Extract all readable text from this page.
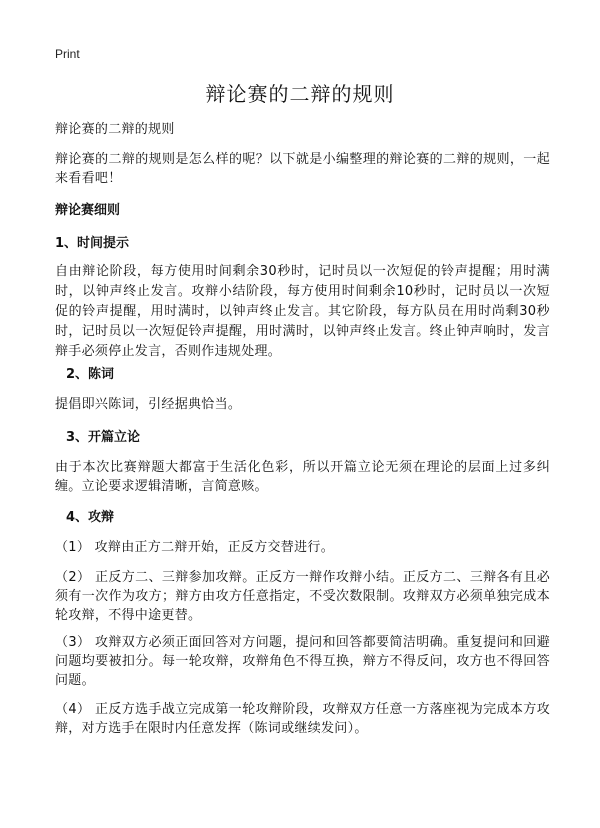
Print
辩论赛的二辩的规则
辩论赛的二辩的规则
辩论赛的二辩的规则是怎么样的呢？以下就是小编整理的辩论赛的二辩的规则，一起来看看吧！
辩论赛细则
1、时间提示
自由辩论阶段，每方使用时间剩余30秒时，记时员以一次短促的铃声提醒；用时满时，以钟声终止发言。攻辩小结阶段，每方使用时间剩余10秒时，记时员以一次短促的铃声提醒，用时满时，以钟声终止发言。其它阶段，每方队员在用时尚剩30秒时，记时员以一次短促铃声提醒，用时满时，以钟声终止发言。终止钟声响时，发言辩手必须停止发言，否则作违规处理。
2、陈词
提倡即兴陈词，引经据典恰当。
3、开篇立论
由于本次比赛辩题大都富于生活化色彩，所以开篇立论无须在理论的层面上过多纠缠。立论要求逻辑清晰，言简意赅。
4、攻辩
（1） 攻辩由正方二辩开始，正反方交替进行。
（2） 正反方二、三辩参加攻辩。正反方一辩作攻辩小结。正反方二、三辩各有且必须有一次作为攻方；辩方由攻方任意指定，不受次数限制。攻辩双方必须单独完成本轮攻辩，不得中途更替。
（3） 攻辩双方必须正面回答对方问题，提问和回答都要简洁明确。重复提问和回避问题均要被扣分。每一轮攻辩，攻辩角色不得互换，辩方不得反问，攻方也不得回答问题。
（4） 正反方选手战立完成第一轮攻辩阶段，攻辩双方任意一方落座视为完成本方攻辩，对方选手在限时内任意发挥（陈词或继续发问）。
